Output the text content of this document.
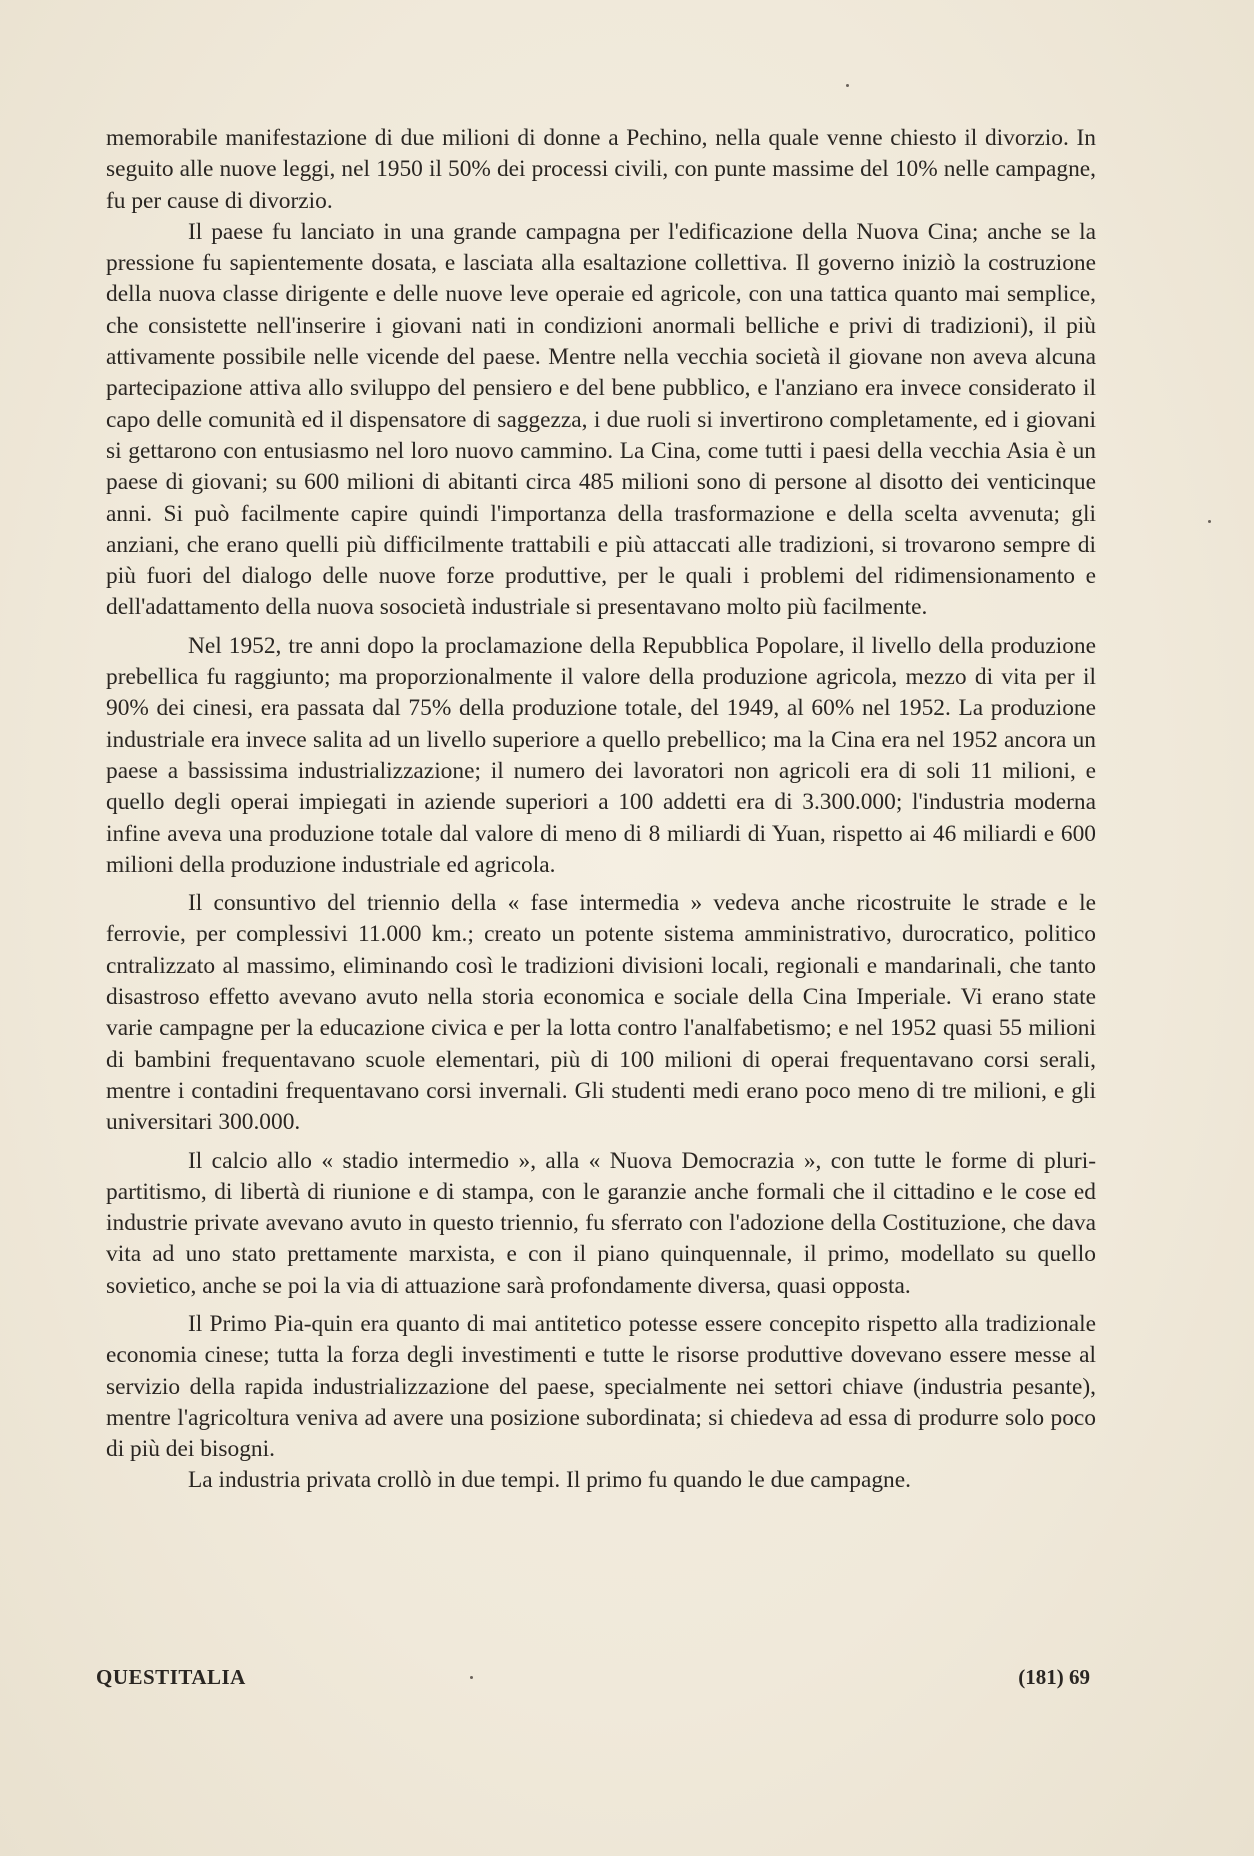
memorabile manifestazione di due milioni di donne a Pechino, nella quale venne chiesto il divorzio. In seguito alle nuove leggi, nel 1950 il 50% dei processi civili, con punte massime del 10% nelle campagne, fu per cause di divorzio.

Il paese fu lanciato in una grande campagna per l'edificazione della Nuova Cina; anche se la pressione fu sapientemente dosata, e lasciata alla esaltazione collettiva. Il governo iniziò la costruzione della nuova classe dirigente e delle nuove leve operaie ed agricole, con una tattica quanto mai semplice, che consistette nell'inserire i giovani nati in condizioni anormali belliche e privi di tradizioni), il più attivamente possibile nelle vicende del paese. Mentre nella vecchia società il giovane non aveva alcuna partecipazione attiva allo sviluppo del pensiero e del bene pubblico, e l'anziano era invece considerato il capo delle comunità ed il dispensatore di saggezza, i due ruoli si invertirono completamente, ed i giovani si gettarono con entusiasmo nel loro nuovo cammino. La Cina, come tutti i paesi della vecchia Asia è un paese di giovani; su 600 milioni di abitanti circa 485 milioni sono di persone al disotto dei venticinque anni. Si può facilmente capire quindi l'importanza della trasformazione e della scelta avvenuta; gli anziani, che erano quelli più difficilmente trattabili e più attaccati alle tradizioni, si trovarono sempre di più fuori del dialogo delle nuove forze produttive, per le quali i problemi del ridimensionamento e dell'adattamento della nuova sosocietà industriale si presentavano molto più facilmente.

Nel 1952, tre anni dopo la proclamazione della Repubblica Popolare, il livello della produzione prebellica fu raggiunto; ma proporzionalmente il valore della produzione agricola, mezzo di vita per il 90% dei cinesi, era passata dal 75% della produzione totale, del 1949, al 60% nel 1952. La produzione industriale era invece salita ad un livello superiore a quello prebellico; ma la Cina era nel 1952 ancora un paese a bassissima industrializzazione; il numero dei lavoratori non agricoli era di soli 11 milioni, e quello degli operai impiegati in aziende superiori a 100 addetti era di 3.300.000; l'industria moderna infine aveva una produzione totale dal valore di meno di 8 miliardi di Yuan, rispetto ai 46 miliardi e 600 milioni della produzione industriale ed agricola.

Il consuntivo del triennio della « fase intermedia » vedeva anche ricostruite le strade e le ferrovie, per complessivi 11.000 km.; creato un potente sistema amministrativo, durocratico, politico cntralizzato al massimo, eliminando così le tradizioni divisioni locali, regionali e mandarinali, che tanto disastroso effetto avevano avuto nella storia economica e sociale della Cina Imperiale. Vi erano state varie campagne per la educazione civica e per la lotta contro l'analfabetismo; e nel 1952 quasi 55 milioni di bambini frequentavano scuole elementari, più di 100 milioni di operai frequentavano corsi serali, mentre i contadini frequentavano corsi invernali. Gli studenti medi erano poco meno di tre milioni, e gli universitari 300.000.

Il calcio allo « stadio intermedio », alla « Nuova Democrazia », con tutte le forme di pluri-partitismo, di libertà di riunione e di stampa, con le garanzie anche formali che il cittadino e le cose ed industrie private avevano avuto in questo triennio, fu sferrato con l'adozione della Costituzione, che dava vita ad uno stato prettamente marxista, e con il piano quinquennale, il primo, modellato su quello sovietico, anche se poi la via di attuazione sarà profondamente diversa, quasi opposta.

Il Primo Pia-quin era quanto di mai antitetico potesse essere concepito rispetto alla tradizionale economia cinese; tutta la forza degli investimenti e tutte le risorse produttive dovevano essere messe al servizio della rapida industrializzazione del paese, specialmente nei settori chiave (industria pesante), mentre l'agricoltura veniva ad avere una posizione subordinata; si chiedeva ad essa di produrre solo poco di più dei bisogni.

La industria privata crollò in due tempi. Il primo fu quando le due campagne.

QUESTITALIA	(181) 69
